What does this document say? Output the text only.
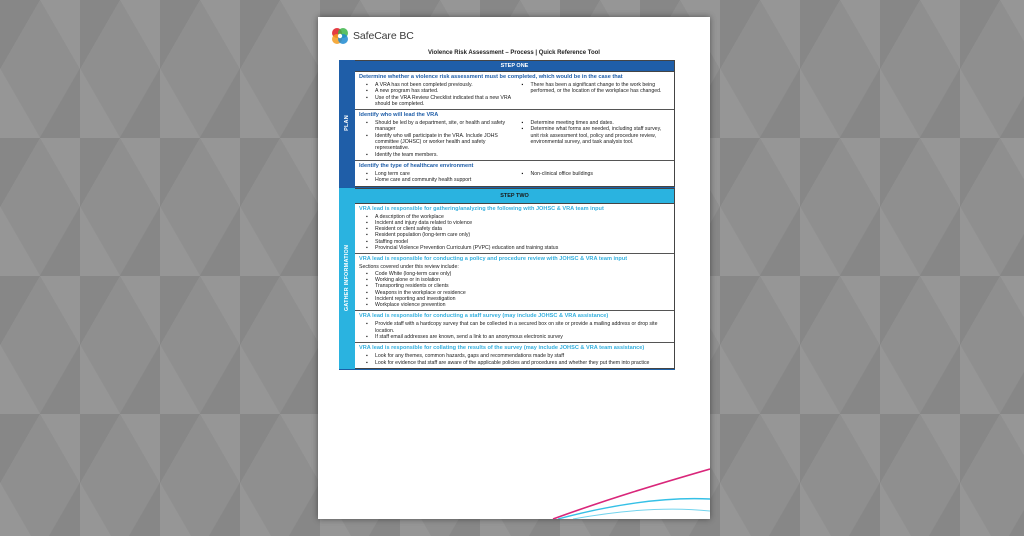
SafeCare BC
Violence Risk Assessment – Process | Quick Reference Tool
PLAN
STEP ONE
Determine whether a violence risk assessment must be completed, which would be in the case that
▪ A VRA has not been completed previously.
▪ A new program has started.
▪ Use of the VRA Review Checklist indicated that a new VRA should be completed.
▪ There has been a significant change to the work being performed, or the location of the workplace has changed.
Identify who will lead the VRA
▪ Should be led by a department, site, or health and safety manager
▪ Identify who will participate in the VRA. Include JOHS committee (JOHSC) or worker health and safety representative.
▪ Identify the team members.
▪ Determine meeting times and dates.
▪ Determine what forms are needed, including staff survey, unit risk assessment tool, policy and procedure review, environmental survey, and task analysis tool.
Identify the type of healthcare environment
▪ Long term care
▪ Home care and community health support
▪ Non-clinical office buildings
GATHER INFORMATION
STEP TWO
VRA lead is responsible for gathering/analyzing the following with JOHSC & VRA team input
▪ A description of the workplace
▪ Incident and injury data related to violence
▪ Resident or client safety data
▪ Resident population (long-term care only)
▪ Staffing model
▪ Provincial Violence Prevention Curriculum (PVPC) education and training status
VRA lead is responsible for conducting a policy and procedure review with JOHSC & VRA team input
Sections covered under this review include:
▪ Code White (long-term care only)
▪ Working alone or in isolation
▪ Transporting residents or clients
▪ Weapons in the workplace or residence
▪ Incident reporting and investigation
▪ Workplace violence prevention
VRA lead is responsible for conducting a staff survey (may include JOHSC & VRA assistance)
▪ Provide staff with a hardcopy survey that can be collected in a secured box on site or provide a mailing address or drop site location.
▪ If staff email addresses are known, send a link to an anonymous electronic survey
VRA lead is responsible for collating the results of the survey (may include JOHSC & VRA team assistance)
▪ Look for any themes, common hazards, gaps and recommendations made by staff
▪ Look for evidence that staff are aware of the applicable policies and procedures and whether they put them into practice
